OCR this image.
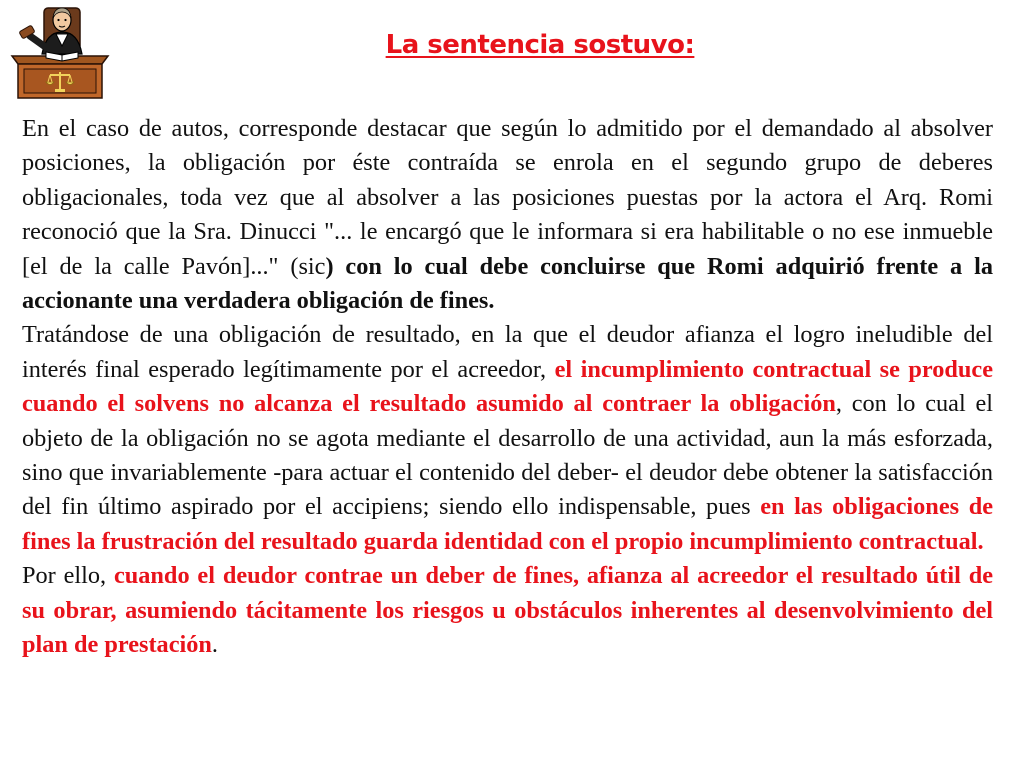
La sentencia sostuvo:

En el caso de autos, corresponde destacar que según lo admitido por el demandado al absolver posiciones, la obligación por éste contraída se enrola en el segundo grupo de deberes obligacionales, toda vez que al absolver a las posiciones puestas por la actora el Arq. Romi reconoció que la Sra. Dinucci "... le encargó que le informara si era habilitable o no ese inmueble [el de la calle Pavón]..." (sic) con lo cual debe concluirse que Romi adquirió frente a la accionante una verdadera obligación de fines.

Tratándose de una obligación de resultado, en la que el deudor afianza el logro ineludible del interés final esperado legítimamente por el acreedor, el incumplimiento contractual se produce cuando el solvens no alcanza el resultado asumido al contraer la obligación, con lo cual el objeto de la obligación no se agota mediante el desarrollo de una actividad, aun la más esforzada, sino que invariablemente -para actuar el contenido del deber- el deudor debe obtener la satisfacción del fin último aspirado por el accipiens; siendo ello indispensable, pues en las obligaciones de fines la frustración del resultado guarda identidad con el propio incumplimiento contractual.

Por ello, cuando el deudor contrae un deber de fines, afianza al acreedor el resultado útil de su obrar, asumiendo tácitamente los riesgos u obstáculos inherentes al desenvolvimiento del plan de prestación.
